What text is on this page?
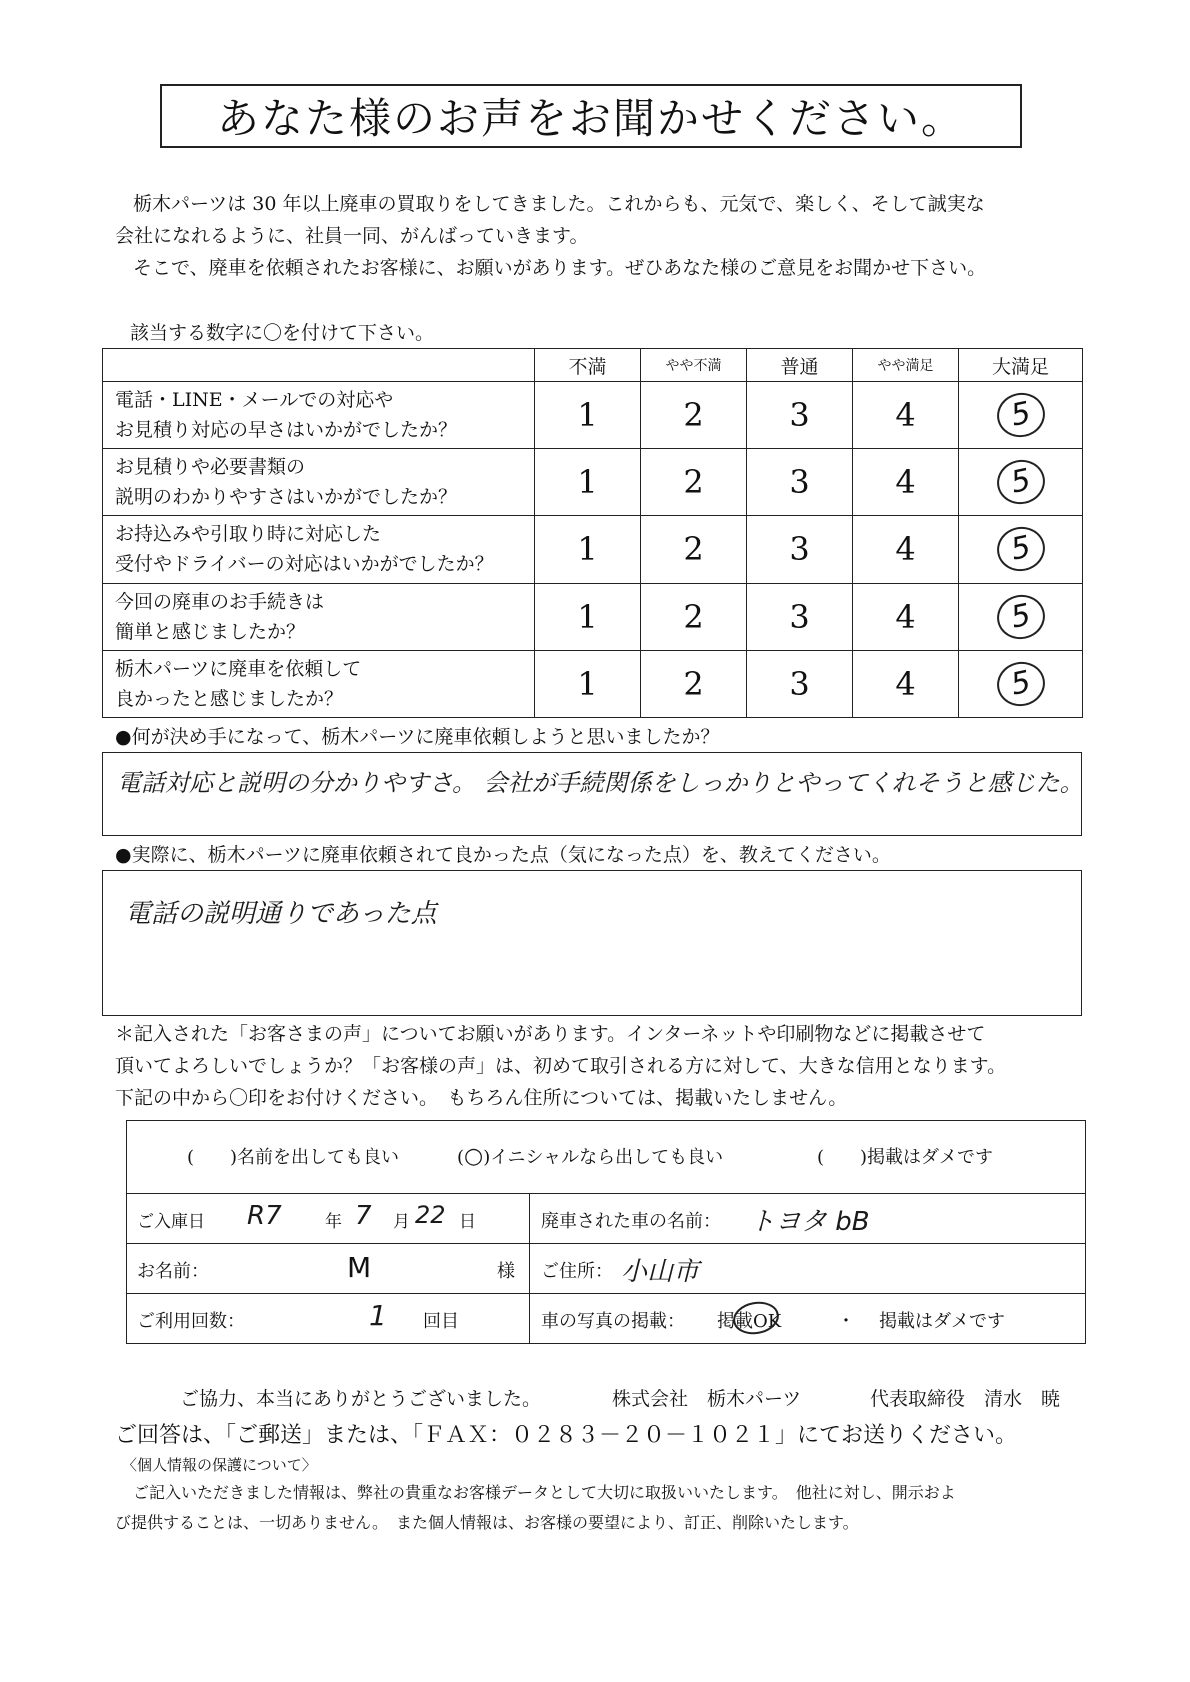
あなた様のお声をお聞かせください。

栃木パーツは 30 年以上廃車の買取りをしてきました。これからも、元気で、楽しく、そして誠実な

会社になれるように、社員一同、がんばっていきます。

そこで、廃車を依頼されたお客様に、お願いがあります。ぜひあなた様のご意見をお聞かせ下さい。

該当する数字に〇を付けて下さい。
	不満	やや不満	普通	やや満足	大満足

電話・LINE・メールでの対応や
お見積り対応の早さはいかがでしたか？	1	2	3	4	5

お見積りや必要書類の
説明のわかりやすさはいかがでしたか？	1	2	3	4	5

お持込みや引取り時に対応した
受付やドライバーの対応はいかがでしたか？	1	2	3	4	5

今回の廃車のお手続きは
簡単と感じましたか？	1	2	3	4	5

栃木パーツに廃車を依頼して
良かったと感じましたか？	1	2	3	4	5
●何が決め手になって、栃木パーツに廃車依頼しようと思いましたか？
電話対応と説明の分かりやすさ。 会社が手続関係をしっかりとやってくれそうと感じた。
●実際に、栃木パーツに廃車依頼されて良かった点（気になった点）を、教えてください。
電話の説明通りであった点

＊記入された「お客さまの声」についてお願いがあります。インターネットや印刷物などに掲載させて

頂いてよろしいでしょうか？「お客様の声」は、初めて取引される方に対して、大きな信用となります。

下記の中から〇印をお付けください。　もちろん住所については、掲載いたしません。

(　　)名前を出しても良い	(○)イニシャルなら出しても良い	(　　)掲載はダメです
ご入庫日 R7	年 7 月 22 日	廃車された車の名前： トヨタ bB
お名前：	M	様 ご住所： 小山市
ご利用回数：	1 回目	車の写真の掲載： 掲載OK	・ 掲載はダメです
ご協力、本当にありがとうございました。	株式会社　栃木パーツ	代表取締役　清水　暁
ご回答は、「ご郵送」または、「ＦＡＸ：０２８３－２０－１０２１」にてお送りください。
〈個人情報の保護について〉

ご記入いただきました情報は、弊社の貴重なお客様データとして大切に取扱いいたします。　他社に対し、開示およ

び提供することは、一切ありません。　また個人情報は、お客様の要望により、訂正、削除いたします。
